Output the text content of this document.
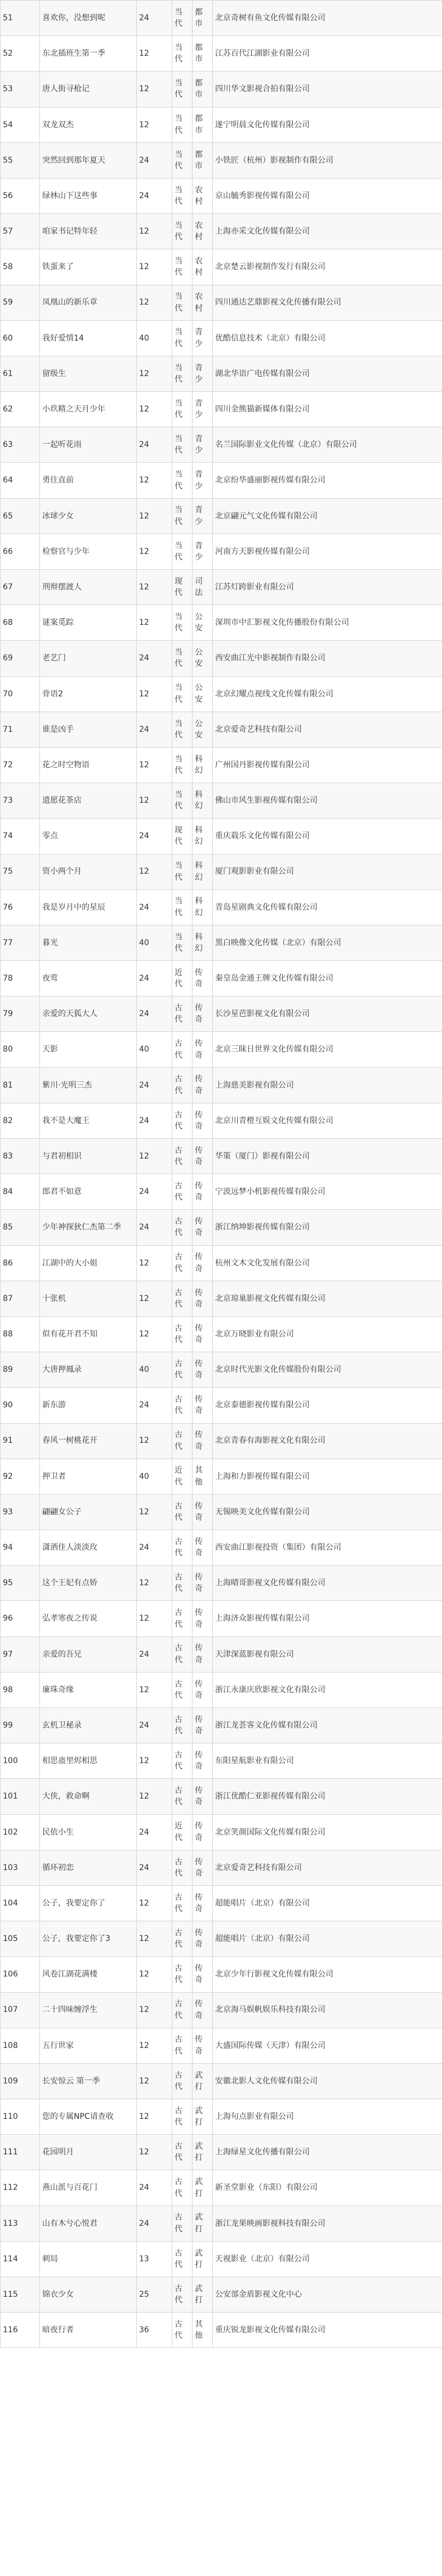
51	喜欢你，没想到呢	24	当代	都市	北京奇树有鱼文化传媒有限公司
52	东北插班生第一季	12	当代	都市	江苏百代江湖影业有限公司
53	唐人街寻枪记	12	当代	都市	四川华文影视合拍有限公司
54	双龙双杰	12	当代	都市	遂宁明晨文化传媒有限公司
55	突然回到那年夏天	24	当代	都市	小铁匠（杭州）影视制作有限公司
56	绿林山下这些事	24	当代	农村	京山毓秀影视传媒有限公司
57	咱家书记特年轻	12	当代	农村	上海亦采文化传媒有限公司
58	铁蛋来了	12	当代	农村	北京楚云影视制作发行有限公司
59	凤凰山的新乐章	12	当代	农村	四川通达艺鼎影视文化传播有限公司
60	我好爱情14	40	当代	青少	优酷信息技术（北京）有限公司
61	留级生	12	当代	青少	湖北华语广电传媒有限公司
62	小玖精之天月少年	12	当代	青少	四川金熊猫新媒体有限公司
63	一起听花雨	24	当代	青少	名兰国际影业文化传媒（北京）有限公司
64	勇往直前	12	当代	青少	北京纷华盛丽影视传媒有限公司
65	冰球少女	12	当代	青少	北京翩元气文化传媒有限公司
66	检察官与少年	12	当代	青少	河南方天影视传媒有限公司
67	刑辩摆渡人	12	现代	司法	江苏灯跨影业有限公司
68	谜案觅踪	12	当代	公安	深圳市中汇影视文化传播股份有限公司
69	老艺门	24	当代	公安	西安曲江光中影视制作有限公司
70	骨语2	12	当代	公安	北京幻耀点视线文化传媒有限公司
71	谁是凶手	24	当代	公安	北京爱奇艺科技有限公司
72	花之时空物语	12	当代	科幻	广州国丹影视传媒有限公司
73	遗愿花茶店	12	当代	科幻	佛山市风生影视传媒有限公司
74	零点	24	现代	科幻	重庆载乐文化传媒有限公司
75	资小两个月	12	当代	科幻	厦门观影影业有限公司
76	我是岁月中的星辰	24	当代	科幻	青岛星剧典文化传媒有限公司
77	暮光	40	当代	科幻	黑白映像文化传媒（北京）有限公司
78	夜莺	24	近代	传奇	秦皇岛金通王牌文化传媒有限公司
79	亲爱的天狐大人	24	古代	传奇	长沙星芭影视文化有限公司
80	天影	40	古代	传奇	北京三昧日世界文化传媒有限公司
81	紫川·光明三杰	24	古代	传奇	上海慈美影视有限公司
82	我不是大魔王	24	古代	传奇	北京川青橙互娱文化传媒有限公司
83	与君初相识	12	古代	传奇	华策（厦门）影视有限公司
84	郎君不如意	24	古代	传奇	宁波远梦小机影视传媒有限公司
85	少年神探狄仁杰第二季	24	古代	传奇	浙江纳坤影视传媒有限公司
86	江湖中的大小姐	12	古代	传奇	杭州文木文化发展有限公司
87	十张机	12	古代	传奇	北京琼巢影视文化传媒有限公司
88	似有花开君不知	12	古代	传奇	北京万晓影业有限公司
89	大唐押鳳录	40	古代	传奇	北京时代光影文化传媒股份有限公司
90	新东游	24	古代	传奇	北京泰德影视传媒有限公司
91	春风一树桃花开	12	古代	传奇	北京青春有海影视文化有限公司
92	押卫者	40	近代	其他	上海和力影视传媒有限公司
93	翩翩女公子	12	古代	传奇	无锡映美文化传媒有限公司
94	潇洒佳人淡淡玫	24	古代	传奇	西安曲江影视投资（集团）有限公司
95	这个王妃有点娇	12	古代	传奇	上海晴哥影视文化传媒有限公司
96	弘孝寒夜之传说	12	古代	传奇	上海济众影视传媒有限公司
97	亲爱的吾兄	24	古代	传奇	天津深蓝影视有限公司
98	廉珠奇缘	12	古代	传奇	浙江永康庆欣影视文化有限公司
99	玄机卫秘录	24	古代	传奇	浙江龙荟客文化传媒有限公司
100	相思蛊里烬相思	12	古代	传奇	东阳星航影业有限公司
101	大侠，救命啊	12	古代	传奇	浙江优酷仁亚影视传媒有限公司
102	民依小生	24	近代	传奇	北京笑颜国际文化传媒有限公司
103	循环初恋	24	古代	传奇	北京爱奇艺科技有限公司
104	公子，我要定你了	12	古代	传奇	超能唱片（北京）有限公司
105	公子，我要定你了3	12	古代	传奇	超能唱片（北京）有限公司
106	风卷江湖花满楼	12	古代	传奇	北京少年行影视文化传媒有限公司
107	二十四味缠浮生	12	古代	传奇	北京海马娱帆娱乐科技有限公司
108	五行世家	12	古代	传奇	大盛国际传媒（天津）有限公司
109	长安惊云 第一季	12	古代	武打	安徽北影人文化传媒有限公司
110	您的专属NPC请查收	12	古代	武打	上海句点影业有限公司
111	花园明月	12	古代	武打	上海绿星文化传播有限公司
112	燕山派与百花门	24	古代	武打	新圣堂影业（东阳）有限公司
113	山有木兮心悦君	24	古代	武打	浙江龙果映画影视科技有限公司
114	刺局	13	古代	武打	天视影业（北京）有限公司
115	锦衣少女	25	古代	武打	公安部金盾影视文化中心
116	暗夜行者	36	古代	其他	重庆锐龙影视文化传媒有限公司
